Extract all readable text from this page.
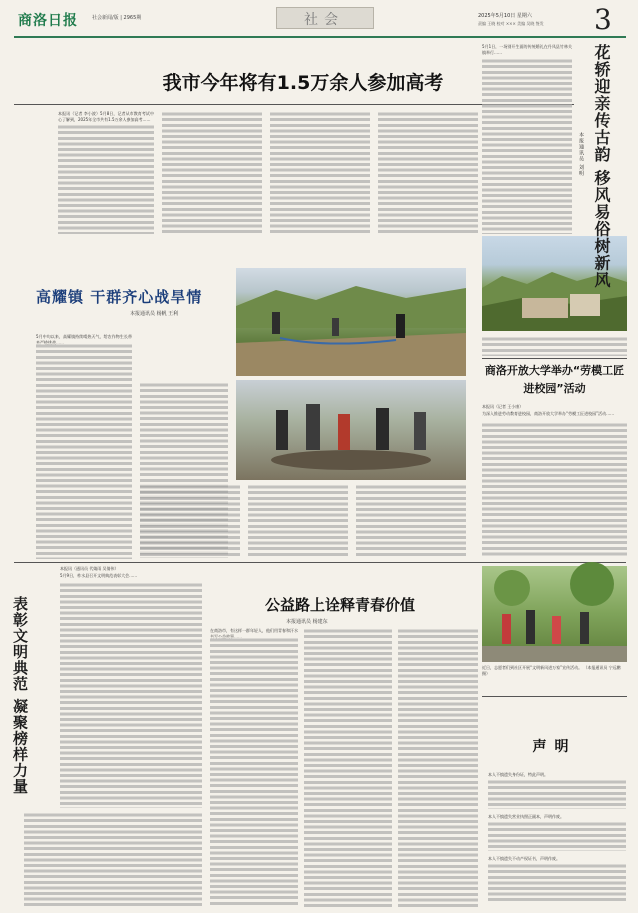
商洛日报	社会新闻/版 | 2965期	社会	2025年5月10日 星期六
责编 王晓 校对 ××× 美编 吴晓 签发 3
我市今年将有1.5万余人参加高考
本报讯（记者 李小波）5月8日，记者从市教育考试中心了解到，2025年全市共有1.5万余人参加高考……
高耀镇 干群齐心战旱情
本报通讯员 杨帆 王利
5月中旬以来，高耀镇持续晴热天气，给农作物生长带
花轿迎亲传古韵 移风易俗树新风
本报通讯员 刘明
5月1日，一场别开生面的传统婚礼在丹凤县竹林关镇举行……
商洛开放大学举办“劳模工匠进校园”活动
本报讯（记者 王小康）
为深入推进劳动教育进校园，商洛开放大学举办“劳模工匠进校园”活动……
表彰文明典范 凝聚榜样力量
本报讯（通讯员 代婧雨 吴倩伟）
5月9日，柞水县召开文明典范表彰大会……
公益路上诠释青春价值
本报通讯员 杨建东
在商洛市，有这样一群年轻人，他们用青春和汗水
近日，志愿者们到社区开展“文明新风进万家”宣传活动。 （本报通讯员 宁远鹏 摄）
声明
本人不慎遗失身份证，特此声明。
本人不慎遗失营业执照正副本，声明作废。
本人不慎遗失不动产权证书，声明作废。
